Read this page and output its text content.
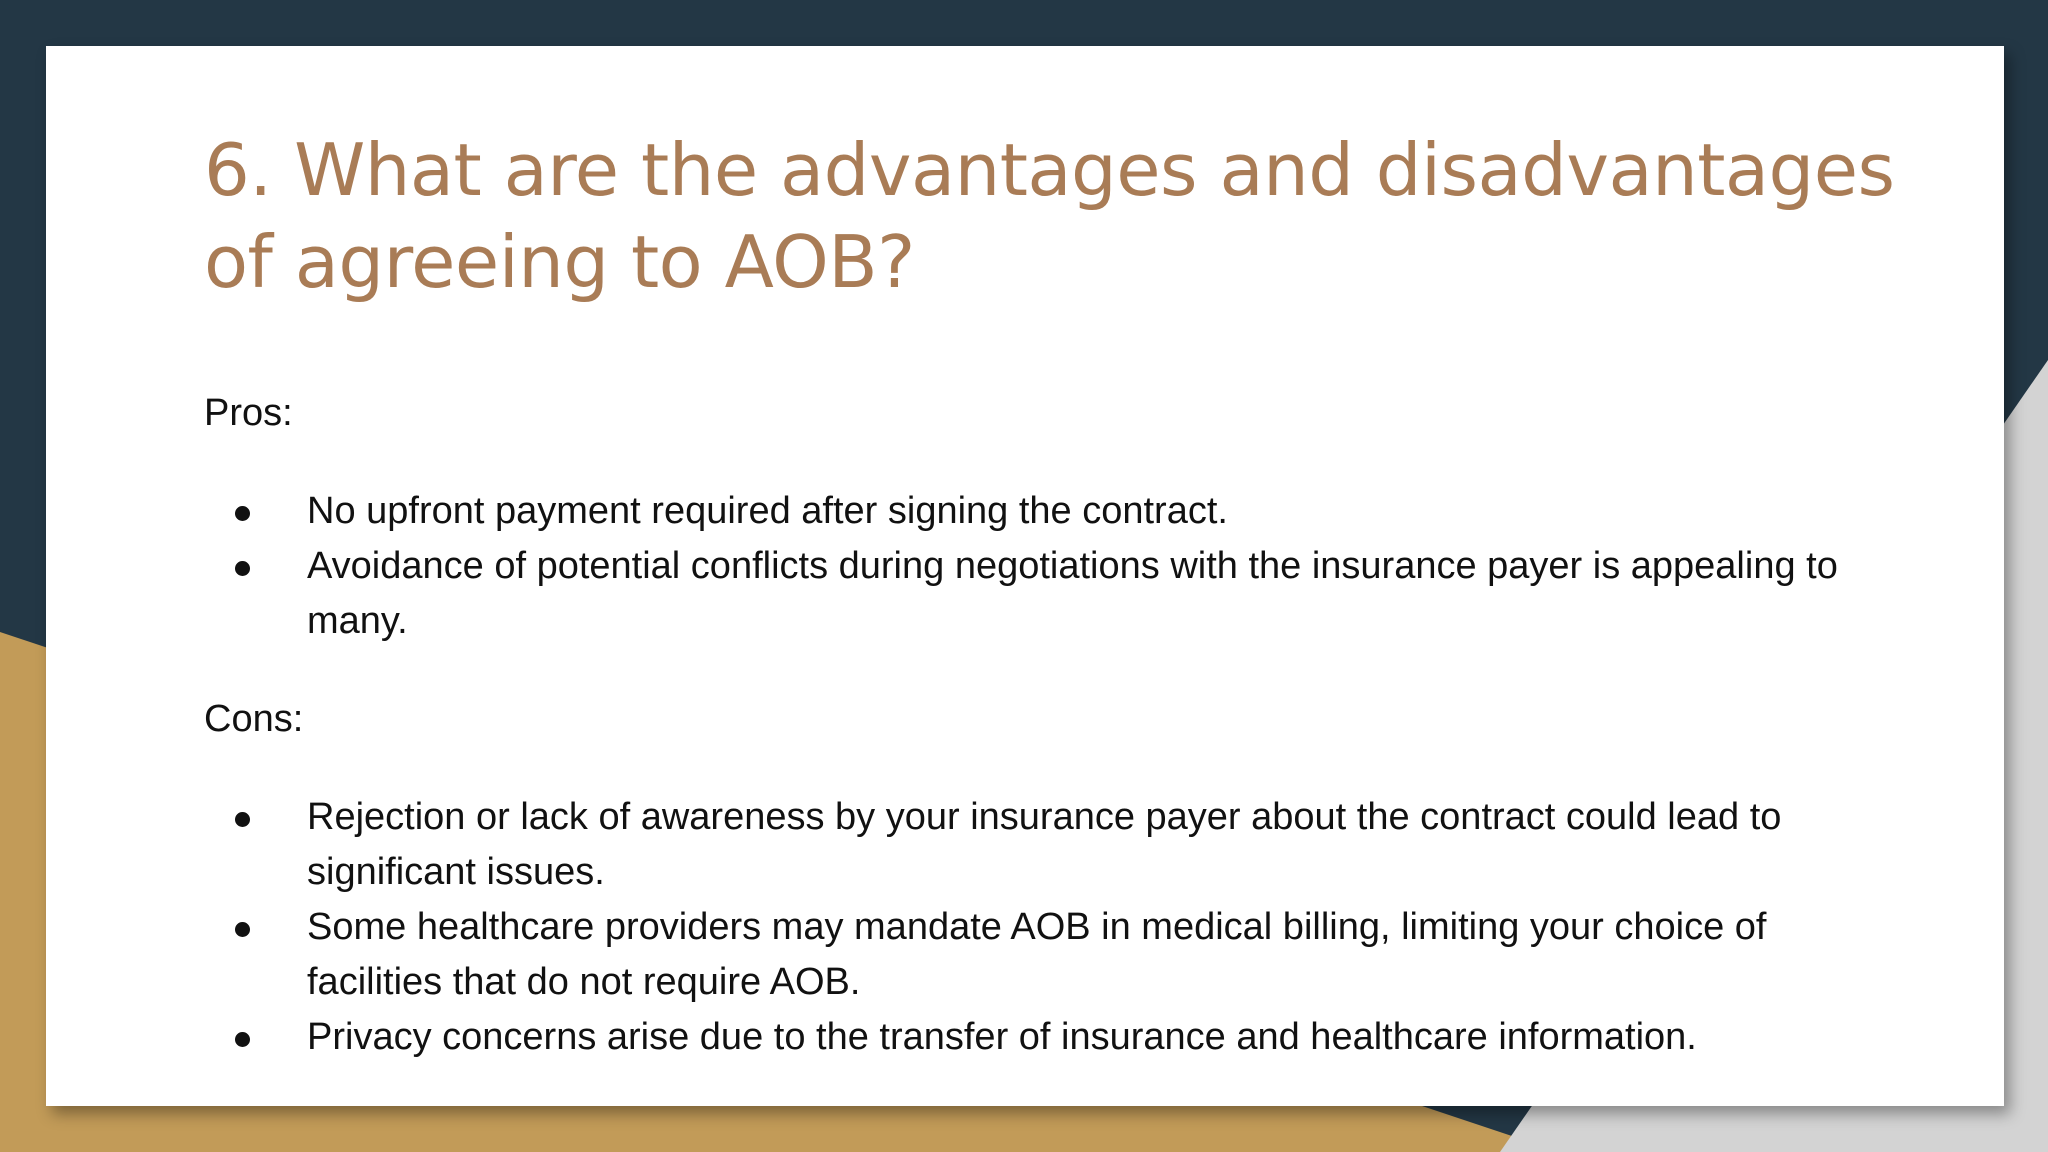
6. What are the advantages and disadvantages of agreeing to AOB?

Pros:

No upfront payment required after signing the contract.
Avoidance of potential conflicts during negotiations with the insurance payer is appealing to many.

Cons:

Rejection or lack of awareness by your insurance payer about the contract could lead to significant issues.
Some healthcare providers may mandate AOB in medical billing, limiting your choice of facilities that do not require AOB.
Privacy concerns arise due to the transfer of insurance and healthcare information.
